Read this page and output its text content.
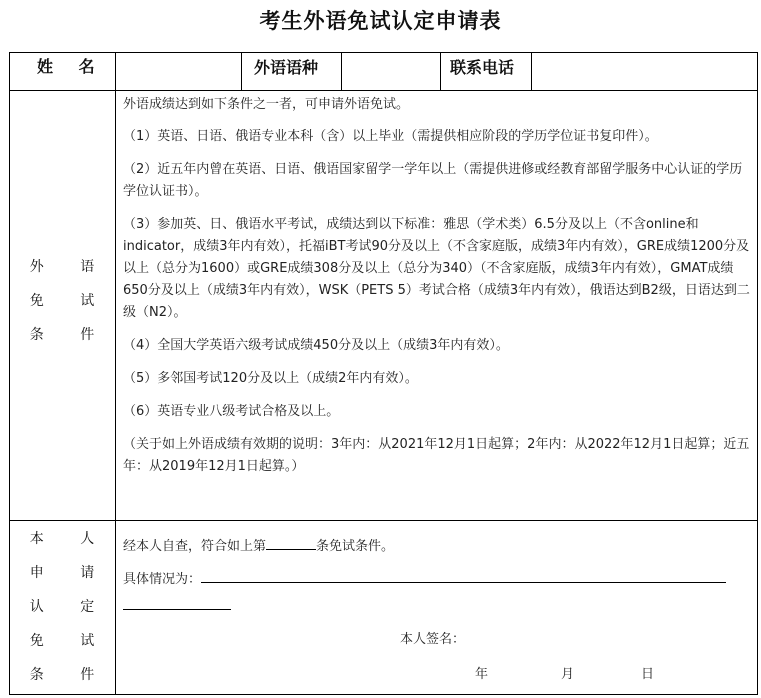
考生外语免试认定申请表
姓 名	外语语种	联系电话
外 语
免 试
条 件

外语成绩达到如下条件之一者，可申请外语免试。

（1）英语、日语、俄语专业本科（含）以上毕业（需提供相应阶段的学历学位证书复印件）。

（2）近五年内曾在英语、日语、俄语国家留学一学年以上（需提供进修或经教育部留学服务中心认证的学历学位认证书）。

（3）参加英、日、俄语水平考试，成绩达到以下标准：雅思（学术类）6.5分及以上（不含online和indicator，成绩3年内有效），托福iBT考试90分及以上（不含家庭版，成绩3年内有效），GRE成绩1200分及以上（总分为1600）或GRE成绩308分及以上（总分为340）（不含家庭版，成绩3年内有效），GMAT成绩650分及以上（成绩3年内有效），WSK（PETS 5）考试合格（成绩3年内有效），俄语达到B2级，日语达到二级（N2）。

（4）全国大学英语六级考试成绩450分及以上（成绩3年内有效）。

（5）多邻国考试120分及以上（成绩2年内有效）。

（6）英语专业八级考试合格及以上。

（关于如上外语成绩有效期的说明：3年内：从2021年12月1日起算；2年内：从2022年12月1日起算；近五年：从2019年12月1日起算。）

本 人
申 请
认 定
免 试
条 件
经本人自查，符合如上第	条免试条件。
具体情况为：
本人签名：
年	月	日
